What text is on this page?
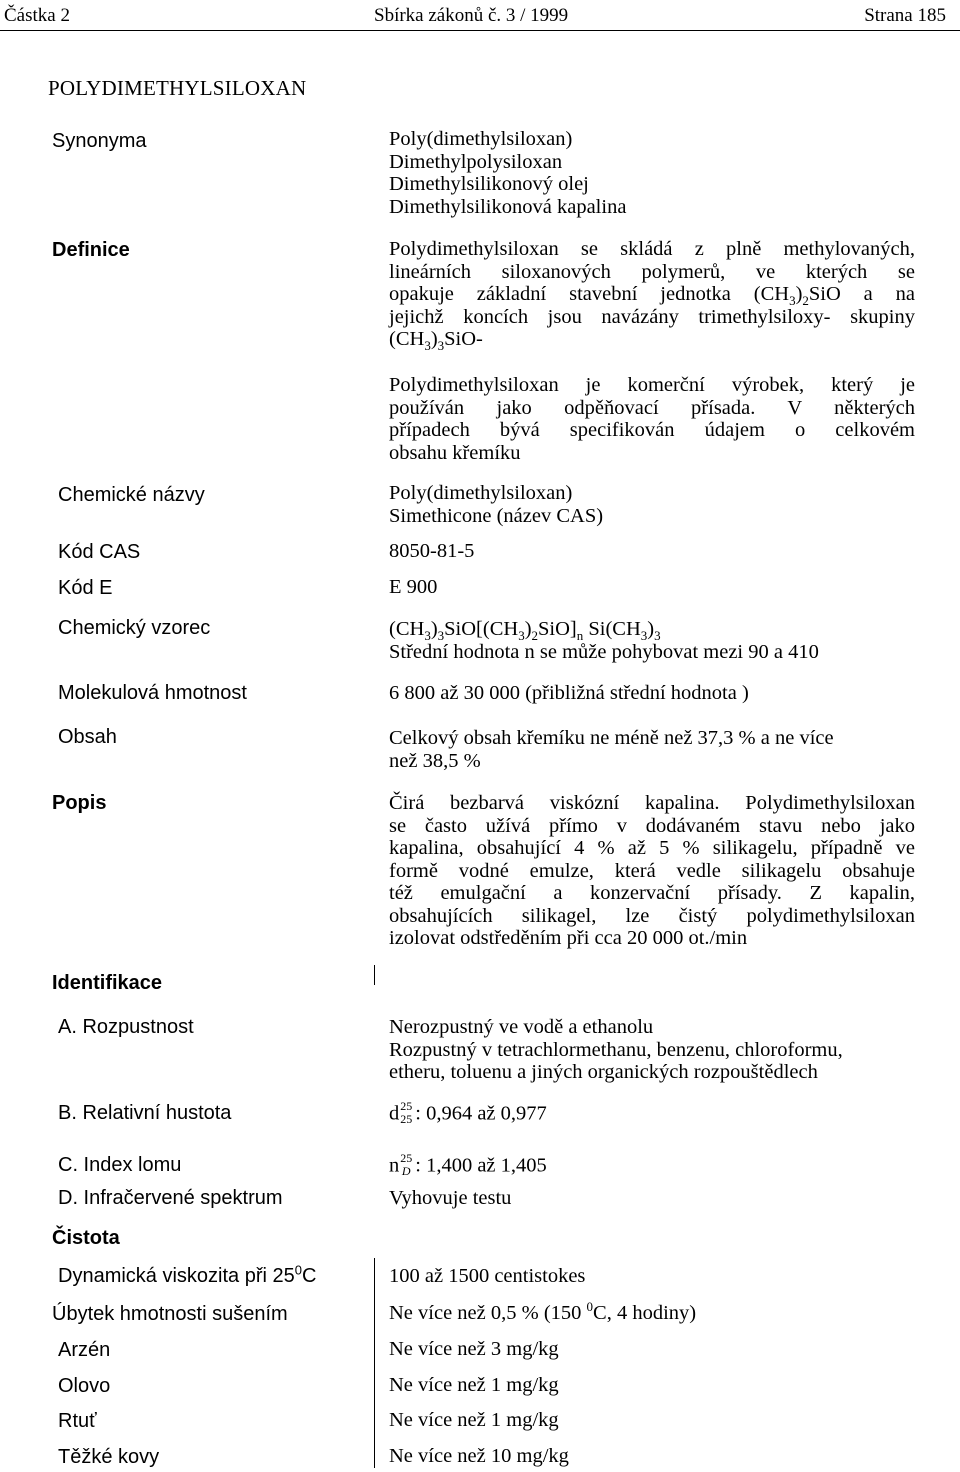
Částka 2	Sbírka zákonů č. 3 / 1999	Strana 185
POLYDIMETHYLSILOXAN
Synonyma	Poly(dimethylsiloxan)
Dimethylpolysiloxan
Dimethylsilikonový olej
Dimethylsilikonová kapalina
Definice	Polydimethylsiloxan se skládá z plně methylovaných,
lineárních siloxanových polymerů, ve kterých se
opakuje základní stavební jednotka $(CH_3)_2SiO$ a na
jejichž koncích jsou navázány trimethylsiloxy- skupiny
$(CH_3)_3SiO-$
Polydimethylsiloxan je komerční výrobek, který je
používán jako odpěňovací přísada. V některých
případech bývá specifikován údajem o celkovém
obsahu křemíku
Chemické názvy	Poly(dimethylsiloxan)
Simethicone (název CAS)
Kód CAS	8050-81-5
Kód E	E 900
Chemický vzorec	$(CH_3)_3SiO[(CH_3)_2SiO]_n$ $Si(CH_3)_3$
Střední hodnota n se může pohybovat mezi 90 a 410
Molekulová hmotnost	6 800 až 30 000 (přibližná střední hodnota )
Obsah	Celkový obsah křemíku ne méně než 37,3 % a ne více
než 38,5 %
Popis	Čirá bezbarvá viskózní kapalina. Polydimethylsiloxan
se často užívá přímo v dodávaném stavu nebo jako
kapalina, obsahující 4 % až 5 % silikagelu, případně ve
formě vodné emulze, která vedle silikagelu obsahuje
též emulgační a konzervační přísady. Z kapalin,
obsahujících silikagel, lze čistý polydimethylsiloxan
izolovat odstředěním při cca 20 000 ot./min
Identifikace
A. Rozpustnost	Nerozpustný ve vodě a ethanolu
Rozpustný v tetrachlormethanu, benzenu, chloroformu,
etheru, toluenu a jiných organických rozpouštědlech
B. Relativní hustota	d 25
25 : 0,964 až 0,977
C. Index lomu	n 25
D : 1,400 až 1,405
D. Infračervené spektrum	Vyhovuje testu
Čistota
Dynamická viskozita při $25^0C$	100 až 1500 centistokes
Úbytek hmotnosti sušením	Ne více než 0,5 % (150 $^0$C, 4 hodiny)
Arzén	Ne více než 3 mg/kg
Olovo	Ne více než 1 mg/kg
Rtuť	Ne více než 1 mg/kg
Těžké kovy	Ne více než 10 mg/kg
